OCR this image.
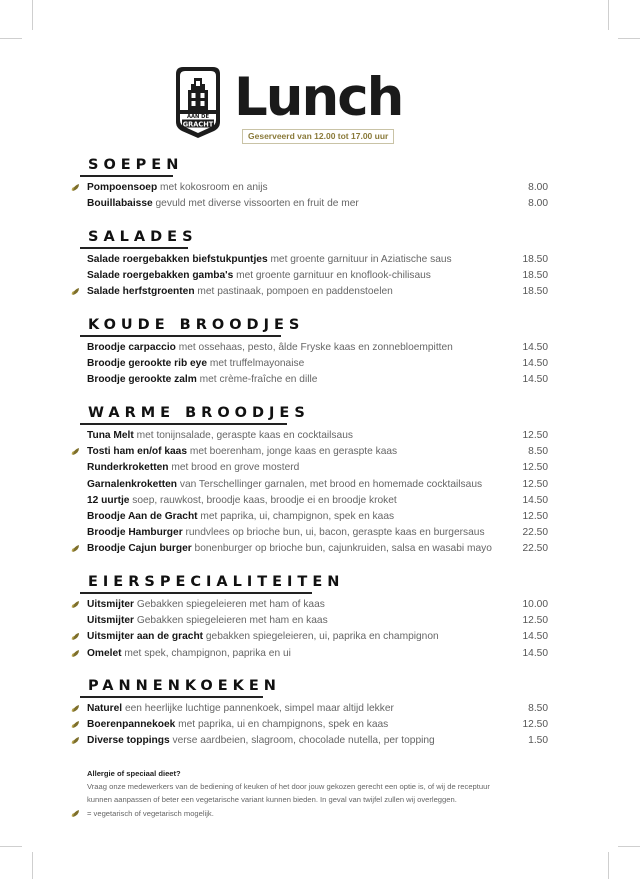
AAN DE
GRACHT Lunch
Geserveerd van 12.00 tot 17.00 uur
SOEPEN
Pompoensoep met kokosroom en anijs	8.00
Bouillabaisse gevuld met diverse vissoorten en fruit de mer	8.00
SALADES
Salade roergebakken biefstukpuntjes met groente garnituur in Aziatische saus	18.50
Salade roergebakken gamba's met groente garnituur en knoflook-chilisaus	18.50
Salade herfstgroenten met pastinaak, pompoen en paddenstoelen	18.50
KOUDE BROODJES
Broodje carpaccio met ossehaas, pesto, âlde Fryske kaas en zonnebloempitten	14.50
Broodje gerookte rib eye met truffelmayonaise	14.50
Broodje gerookte zalm met crème-fraîche en dille	14.50
WARME BROODJES
Tuna Melt met tonijnsalade, geraspte kaas en cocktailsaus	12.50
Tosti ham en/of kaas met boerenham, jonge kaas en geraspte kaas	8.50
Runderkroketten met brood en grove mosterd	12.50
Garnalenkroketten van Terschellinger garnalen, met brood en homemade cocktailsaus	12.50
12 uurtje soep, rauwkost, broodje kaas, broodje ei en broodje kroket	14.50
Broodje Aan de Gracht met paprika, ui, champignon, spek en kaas	12.50
Broodje Hamburger rundvlees op brioche bun, ui, bacon, geraspte kaas en burgersaus	22.50
Broodje Cajun burger bonenburger op brioche bun, cajunkruiden, salsa en wasabi mayo	22.50
EIERSPECIALITEITEN
Uitsmijter Gebakken spiegeleieren met ham of kaas	10.00
Uitsmijter Gebakken spiegeleieren met ham en kaas	12.50
Uitsmijter aan de gracht gebakken spiegeleieren, ui, paprika en champignon	14.50
Omelet met spek, champignon, paprika en ui	14.50
PANNENKOEKEN
Naturel een heerlijke luchtige pannenkoek, simpel maar altijd lekker	8.50
Boerenpannekoek met paprika, ui en champignons, spek en kaas	12.50
Diverse toppings verse aardbeien, slagroom, chocolade nutella, per topping	1.50
Allergie of speciaal dieet?
Vraag onze medewerkers van de bediening of keuken of het door jouw gekozen gerecht een optie is, of wij de receptuur
kunnen aanpassen of beter een vegetarische variant kunnen bieden. In geval van twijfel zullen wij overleggen.
= vegetarisch of vegetarisch mogelijk.
